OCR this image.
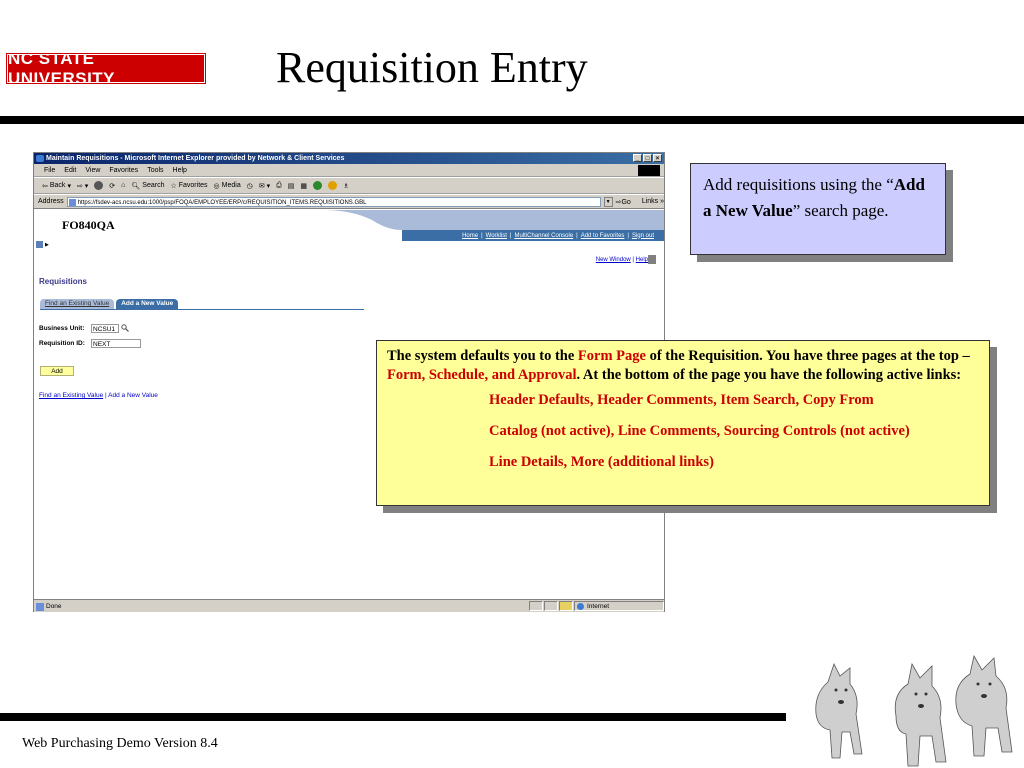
NC STATE UNIVERSITY	Requisition Entry
Maintain Requisitions - Microsoft Internet Explorer provided by Network & Client Services	_	□	×
File Edit View Favorites Tools Help
⇦ Back ▾ ⇨ ▾	⟳ ⌂ 🔍︎ Search ☆ Favorites ◎ Media ◷ ✉ ▾ ⎙ ▤ ▦	♗
Address	https://fsdev-acs.ncsu.edu:1000/psp/FOQA/EMPLOYEE/ERP/c/REQUISITION_ITEMS.REQUISITIONS.GBL	▼ ⇨Go Links »
FO840QA
Home | Worklist | MultiChannel Console | Add to Favorites | Sign out
▶
New Window | Help
Requisitions
Find an Existing Value	Add a New Value
Business Unit:	NCSU1
Requisition ID:	NEXT
Add
Find an Existing Value | Add a New Value
Done	Internet
Add requisitions using the “Add a New Value” search page.
The system defaults you to the Form Page of the Requisition. You have three pages at the top – Form, Schedule, and Approval. At the bottom of the page you have the following active links:
Header Defaults, Header Comments, Item Search, Copy From
Catalog (not active), Line Comments, Sourcing Controls (not active)
Line Details, More (additional links)
Web Purchasing Demo Version 8.4
